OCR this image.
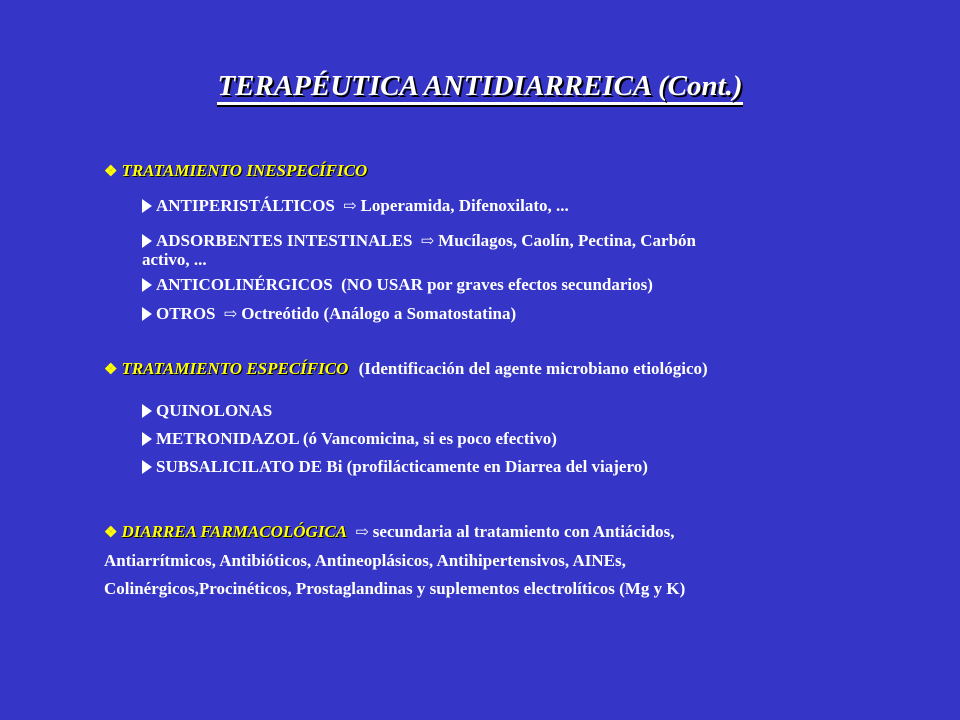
TERAPÉUTICA ANTIDIARREICA (Cont.)
❖ TRATAMIENTO INESPECÍFICO
ANTIPERISTÁLTICOS ⇨ Loperamida, Difenoxilato, ...
ADSORBENTES INTESTINALES ⇨ Mucílagos, Caolín, Pectina, Carbón
activo, ...
ANTICOLINÉRGICOS  (NO USAR por graves efectos secundarios)
OTROS ⇨ Octreótido (Análogo a Somatostatina)
❖ TRATAMIENTO ESPECÍFICO (Identificación del agente microbiano etiológico)
QUINOLONAS
METRONIDAZOL (ó Vancomicina, si es poco efectivo)
SUBSALICILATO DE Bi (profilácticamente en Diarrea del viajero)
❖ DIARREA FARMACOLÓGICA ⇨ secundaria al tratamiento con Antiácidos,
Antiarrítmicos, Antibióticos, Antineoplásicos, Antihipertensivos, AINEs,
Colinérgicos,Procinéticos, Prostaglandinas y suplementos electrolíticos (Mg y K)
